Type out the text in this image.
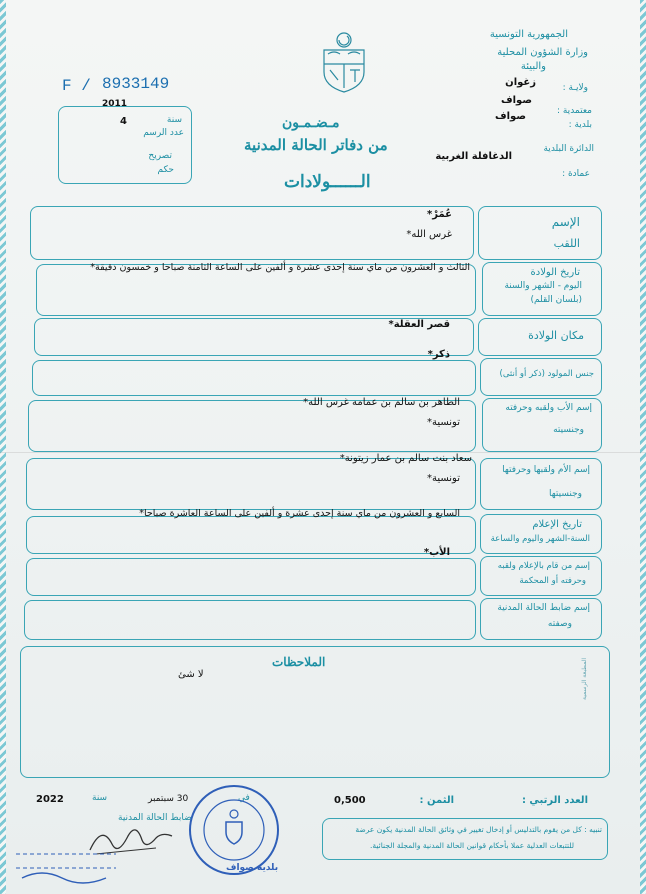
الجمهورية التونسية
وزارة الشؤون المحلية
والبيئة
ولايـة :
زغوان
معتمدية :
صواف
بلدية :
صواف
الدائرة البلدية
الدغافلة الغربية
عمادة :
F / 8933149
2011
سنة
4
عدد الرسم
تصريح
حكم
مـضـمـون
من دفاتر الحالة المدنية
الــــــولادات
الإسم
اللقب
عُمَرْ*
غرس الله*
تاريخ الولادة
اليوم - الشهر والسنة
(بلسان القلم)
الثالث و العشرون من ماي سنة إحدى عشرة و ألفين على الساعة الثامنة صباحا و خمسون دقيقة*
مكان الولادة
قصر العقلة*
جنس المولود (ذكر أو أنثى)
ذكر*
إسم الأب ولقبه وحرفته
وجنسيته
الطاهر بن سالم بن عمامه غرس الله*
تونسية*
إسم الأم ولقبها وحرفتها
وجنسيتها
سعاد بنت سالم بن عمار زيتونة*
تونسية*
تاريخ الإعلام
السنة-الشهر واليوم والساعة
السابع و العشرون من ماي سنة إحدى عشرة و ألفين على الساعة العاشرة صباحا*
إسم من قام بالإعلام ولقبه
وحرفته أو المحكمة
الأب*
إسم ضابط الحالة المدنية
وصفته
الملاحظات
لا شئ	المطبعة الرسمية
العدد الرتبي :
الثمن :
0,500
في
30 سبتمبر
سنة
2022
ضابط الحالة المدنية
تنبيه : كل من يقوم بالتدليس أو إدخال تغيير في وثائق الحالة المدنية يكون عرضة
للتتبعات العدلية عملا بأحكام قوانين الحالة المدنية والمجلة الجنائية.
بلدية صواف
